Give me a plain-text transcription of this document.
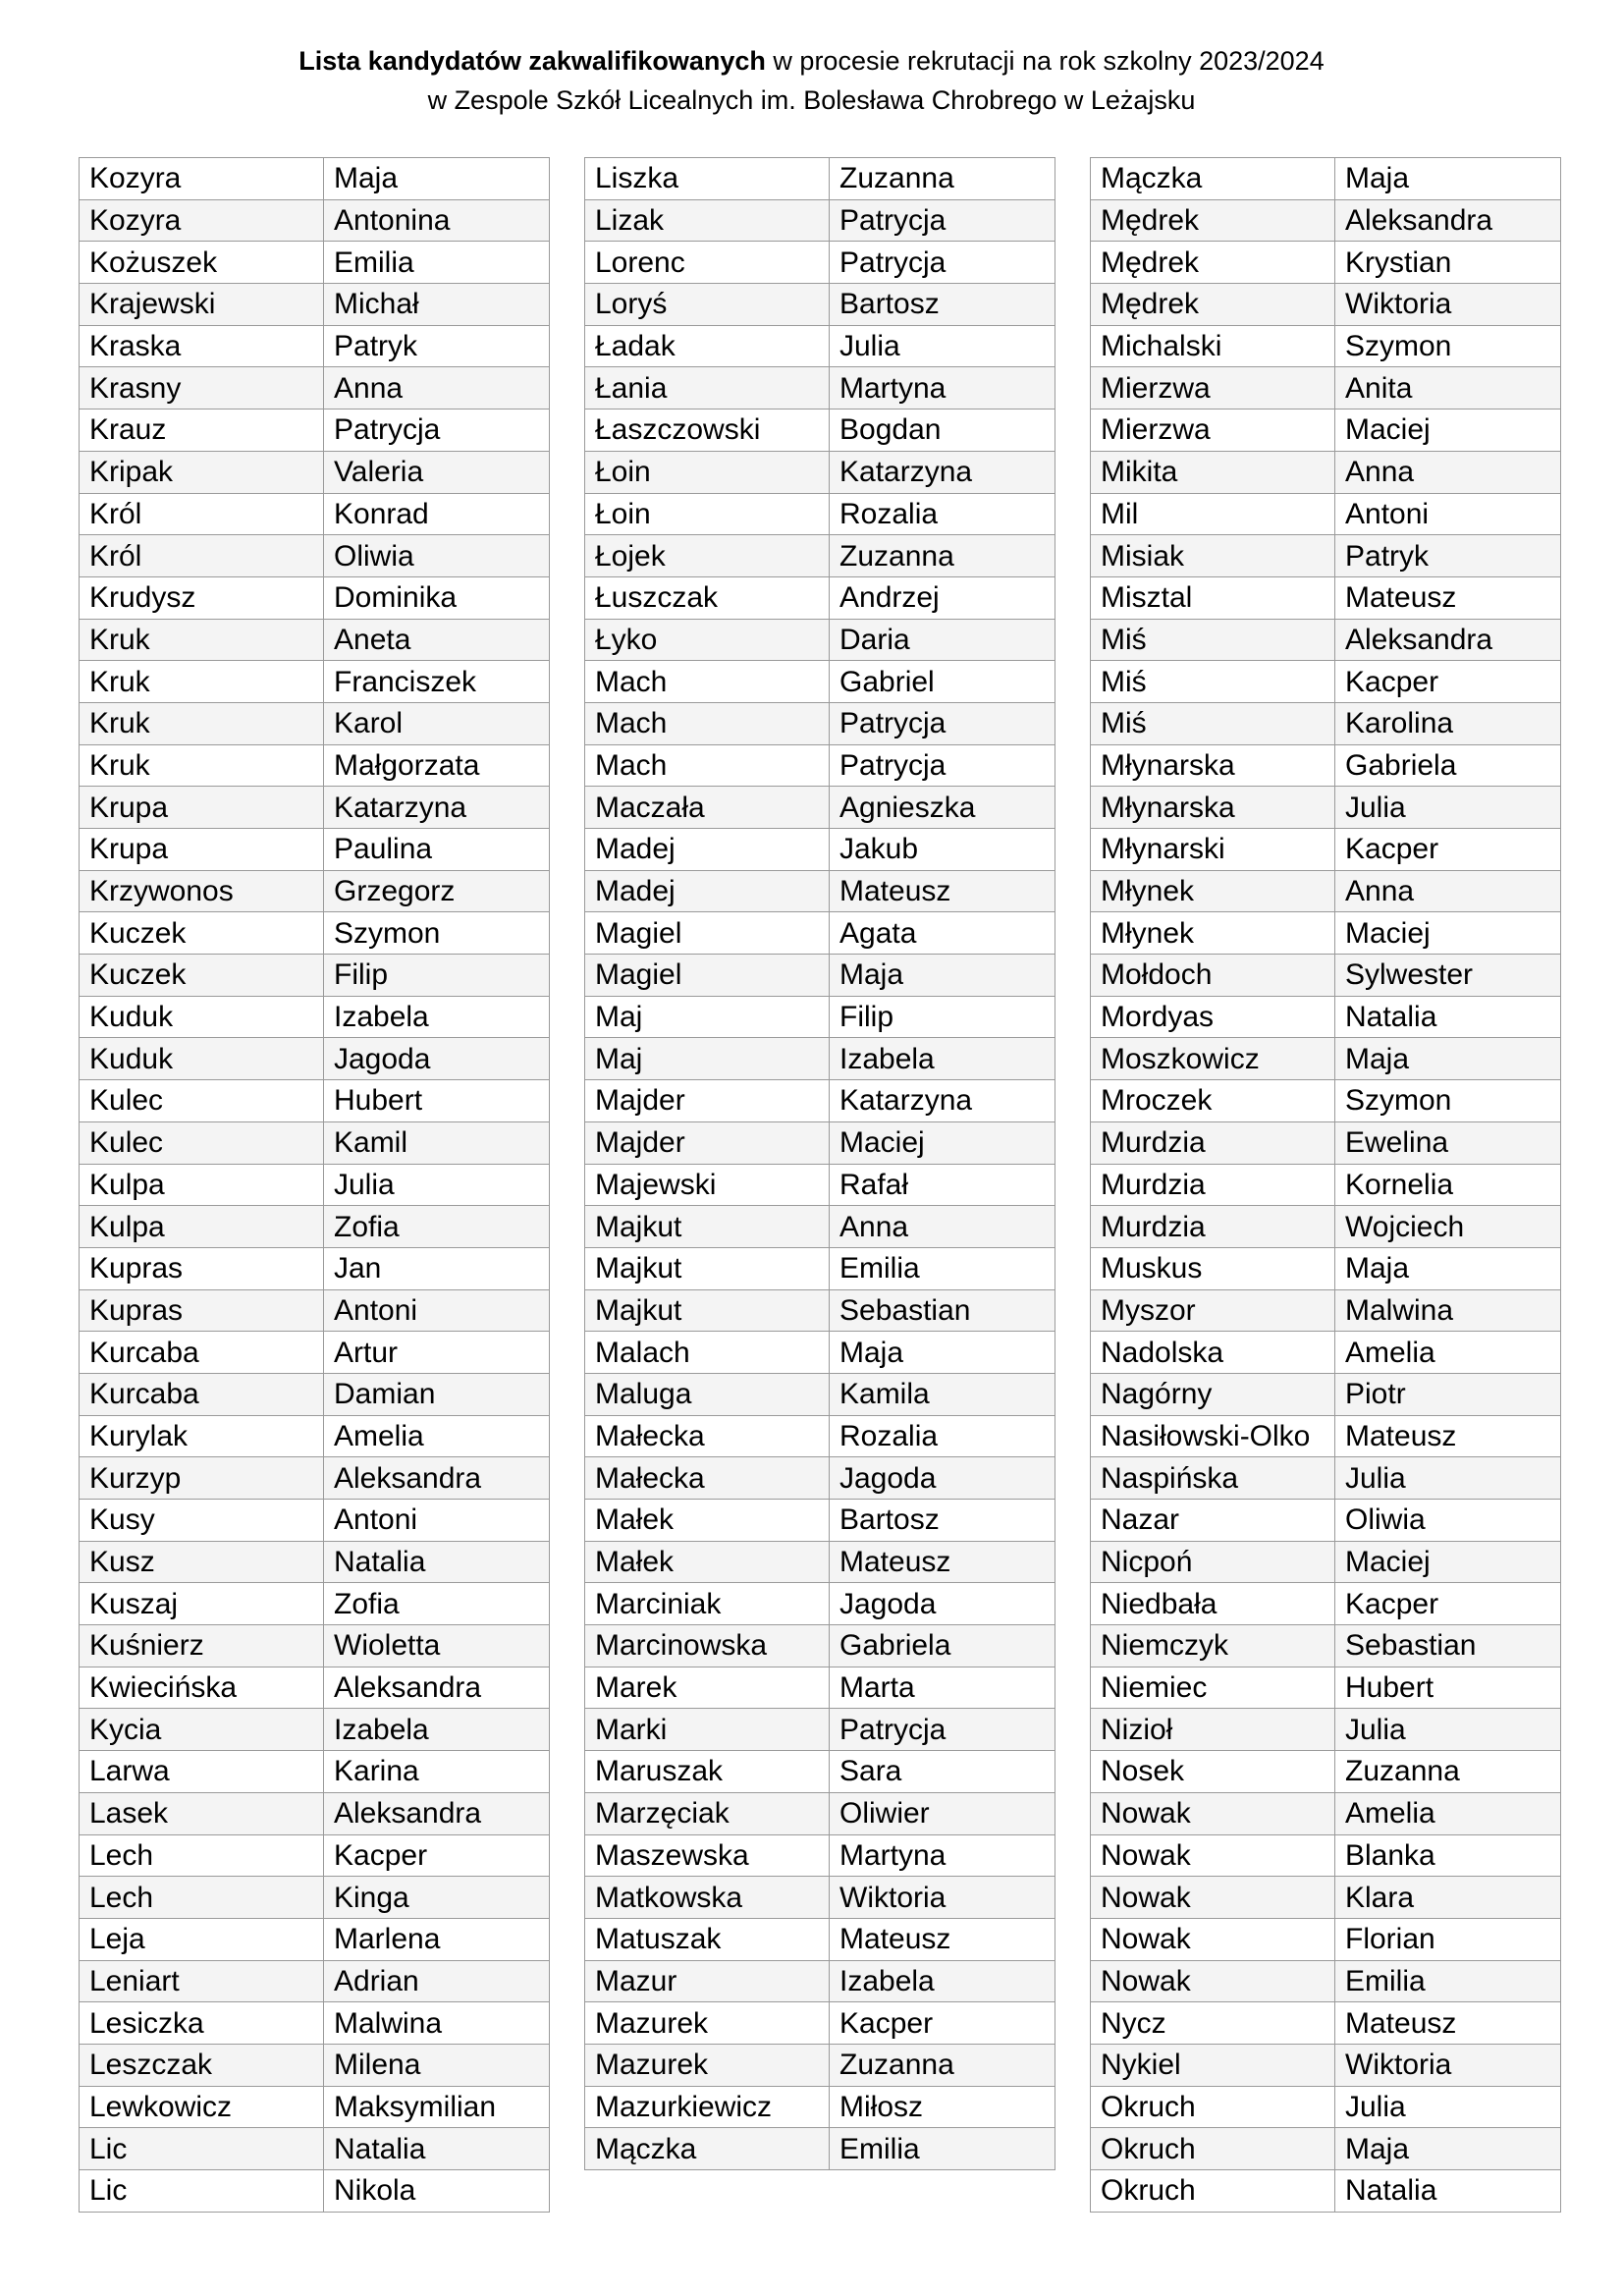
Lista kandydatów zakwalifikowanych w procesie rekrutacji na rok szkolny 2023/2024
w Zespole Szkół Licealnych im. Bolesława Chrobrego w Leżajsku
Kozyra	Maja
Kozyra	Antonina
Kożuszek	Emilia
Krajewski	Michał
Kraska	Patryk
Krasny	Anna
Krauz	Patrycja
Kripak	Valeria
Król	Konrad
Król	Oliwia
Krudysz	Dominika
Kruk	Aneta
Kruk	Franciszek
Kruk	Karol
Kruk	Małgorzata
Krupa	Katarzyna
Krupa	Paulina
Krzywonos	Grzegorz
Kuczek	Szymon
Kuczek	Filip
Kuduk	Izabela
Kuduk	Jagoda
Kulec	Hubert
Kulec	Kamil
Kulpa	Julia
Kulpa	Zofia
Kupras	Jan
Kupras	Antoni
Kurcaba	Artur
Kurcaba	Damian
Kurylak	Amelia
Kurzyp	Aleksandra
Kusy	Antoni
Kusz	Natalia
Kuszaj	Zofia
Kuśnierz	Wioletta
Kwiecińska	Aleksandra
Kycia	Izabela
Larwa	Karina
Lasek	Aleksandra
Lech	Kacper
Lech	Kinga
Leja	Marlena
Leniart	Adrian
Lesiczka	Malwina
Leszczak	Milena
Lewkowicz	Maksymilian
Lic	Natalia
Lic	Nikola
Liszka	Zuzanna
Lizak	Patrycja
Lorenc	Patrycja
Loryś	Bartosz
Ładak	Julia
Łania	Martyna
Łaszczowski	Bogdan
Łoin	Katarzyna
Łoin	Rozalia
Łojek	Zuzanna
Łuszczak	Andrzej
Łyko	Daria
Mach	Gabriel
Mach	Patrycja
Mach	Patrycja
Maczała	Agnieszka
Madej	Jakub
Madej	Mateusz
Magiel	Agata
Magiel	Maja
Maj	Filip
Maj	Izabela
Majder	Katarzyna
Majder	Maciej
Majewski	Rafał
Majkut	Anna
Majkut	Emilia
Majkut	Sebastian
Malach	Maja
Maluga	Kamila
Małecka	Rozalia
Małecka	Jagoda
Małek	Bartosz
Małek	Mateusz
Marciniak	Jagoda
Marcinowska	Gabriela
Marek	Marta
Marki	Patrycja
Maruszak	Sara
Marzęciak	Oliwier
Maszewska	Martyna
Matkowska	Wiktoria
Matuszak	Mateusz
Mazur	Izabela
Mazurek	Kacper
Mazurek	Zuzanna
Mazurkiewicz	Miłosz
Mączka	Emilia
Mączka	Maja
Mędrek	Aleksandra
Mędrek	Krystian
Mędrek	Wiktoria
Michalski	Szymon
Mierzwa	Anita
Mierzwa	Maciej
Mikita	Anna
Mil	Antoni
Misiak	Patryk
Misztal	Mateusz
Miś	Aleksandra
Miś	Kacper
Miś	Karolina
Młynarska	Gabriela
Młynarska	Julia
Młynarski	Kacper
Młynek	Anna
Młynek	Maciej
Mołdoch	Sylwester
Mordyas	Natalia
Moszkowicz	Maja
Mroczek	Szymon
Murdzia	Ewelina
Murdzia	Kornelia
Murdzia	Wojciech
Muskus	Maja
Myszor	Malwina
Nadolska	Amelia
Nagórny	Piotr
Nasiłowski-Olko	Mateusz
Naspińska	Julia
Nazar	Oliwia
Nicpoń	Maciej
Niedbała	Kacper
Niemczyk	Sebastian
Niemiec	Hubert
Nizioł	Julia
Nosek	Zuzanna
Nowak	Amelia
Nowak	Blanka
Nowak	Klara
Nowak	Florian
Nowak	Emilia
Nycz	Mateusz
Nykiel	Wiktoria
Okruch	Julia
Okruch	Maja
Okruch	Natalia
